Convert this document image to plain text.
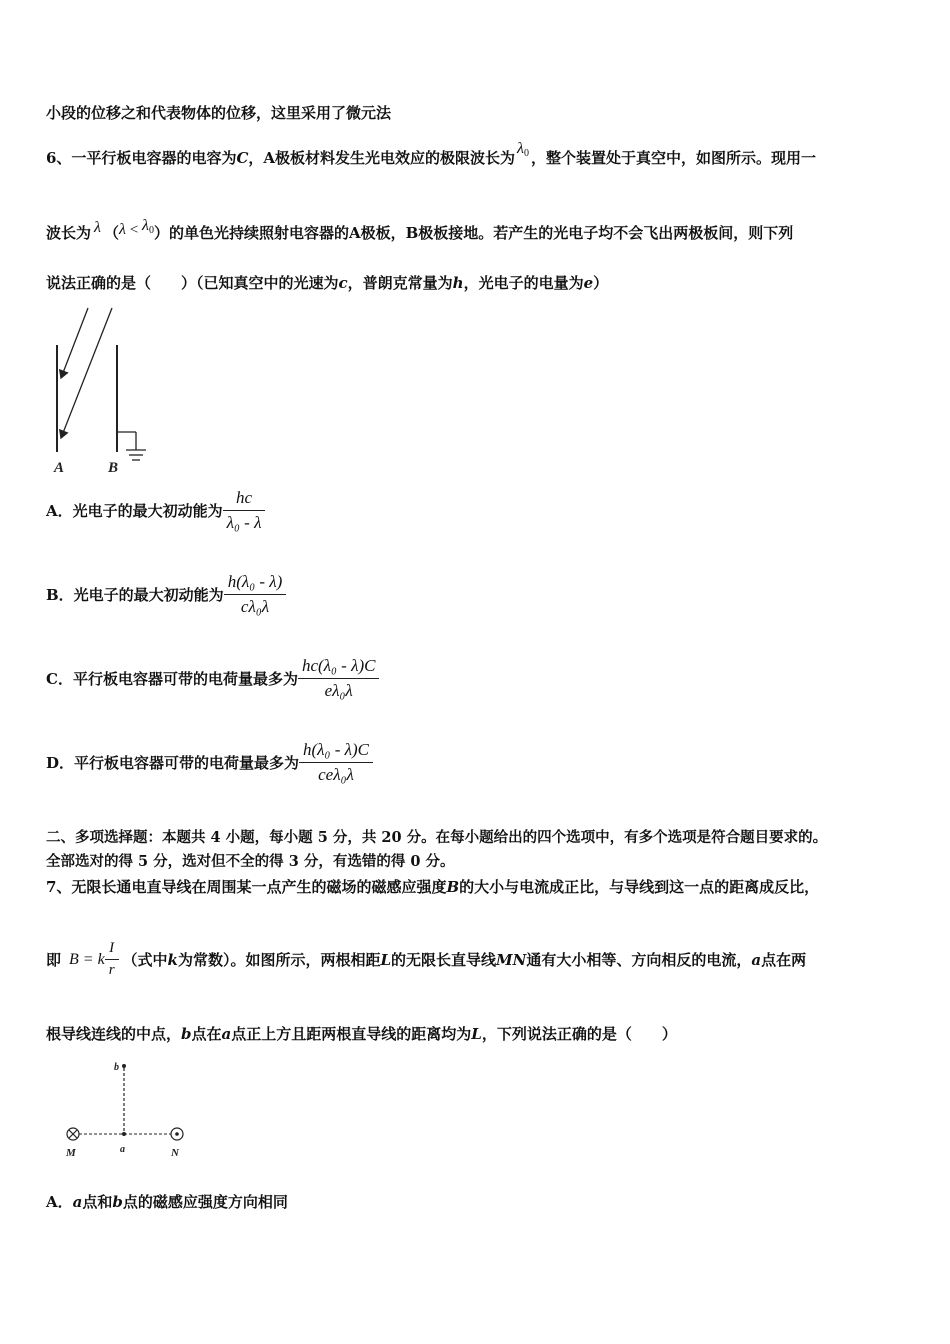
小段的位移之和代表物体的位移，这里采用了微元法
6、一平行板电容器的电容为C，A极板材料发生光电效应的极限波长为λ0 ，整个装置处于真空中，如图所示。现用一
波长为 λ （λ < λ0）的单色光持续照射电容器的A极板，B极板接地。若产生的光电子均不会飞出两极板间，则下列
说法正确的是（　　）（已知真空中的光速为c，普朗克常量为h，光电子的电量为e）
A	B
A．光电子的最大初动能为 $\frac{hc}{\text{λ₀ - λ}}$
B．光电子的最大初动能为 $\frac{\text{h(λ₀ - λ)}}{\text{cλ₀λ}}$
C．平行板电容器可带的电荷量最多为 $\frac{\text{hc(λ₀ - λ)C}}{\text{eλ₀λ}}$
D．平行板电容器可带的电荷量最多为 $\frac{\text{h(λ₀ - λ)C}}{\text{ceλ₀λ}}$
二、多项选择题：本题共 4 小题，每小题 5 分，共 20 分。在每小题给出的四个选项中，有多个选项是符合题目要求的。
全部选对的得 5 分，选对但不全的得 3 分，有选错的得 0 分。
7、无限长通电直导线在周围某一点产生的磁场的磁感应强度B的大小与电流成正比，与导线到这一点的距离成反比，
即 B = k $\frac{I}{r}$ （式中 k 为常数）。如图所示，两根相距 L 的无限长直导线 MN 通有大小相等、方向相反的电流， a 点在两
根导线连线的中点，b点在a点正上方且距两根直导线的距离均为L，下列说法正确的是（　　）
b
M	a	N
A．a点和b点的磁感应强度方向相同
